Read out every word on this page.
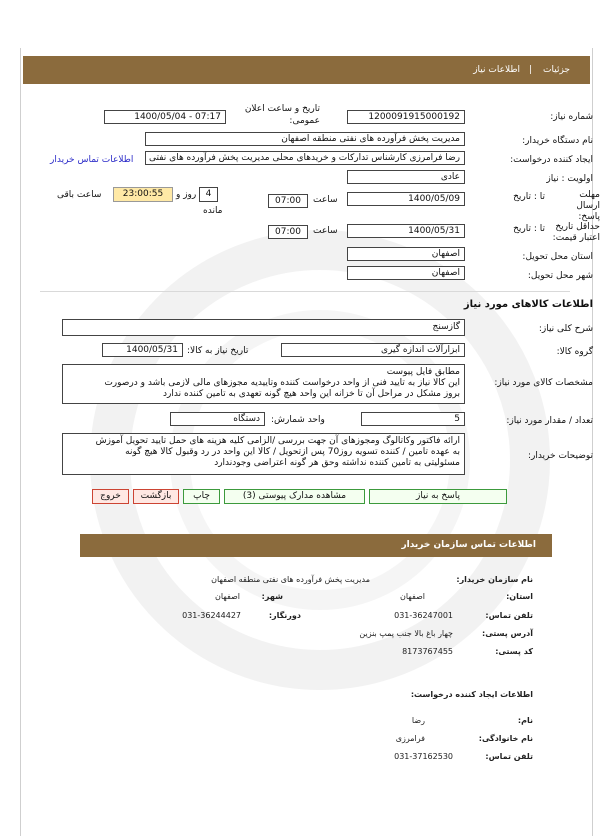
جزئیات
|
اطلاعات نیاز
شماره نیاز:
1200091915000192
تاریخ و ساعت اعلان عمومی:
1400/05/04 - 07:17
نام دستگاه خریدار:
مدیریت پخش فرآورده های نفتی منطقه اصفهان
ایجاد کننده درخواست:
رضا فرامرزی کارشناس تدارکات و خریدهای محلی مدیریت پخش فرآورده های نفتی
اطلاعات تماس خریدار
اولویت : نیاز
عادی
مهلت ارسال پاسخ:
تا : تاریخ
1400/05/09
ساعت
07:00
4
روز و
23:00:55
ساعت باقی
مانده
حداقل تاریخ اعتبار قیمت:
تا : تاریخ
1400/05/31
ساعت
07:00
استان محل تحویل:
اصفهان
شهر محل تحویل:
اصفهان
اطلاعات کالاهای مورد نیاز
شرح کلی نیاز:
گازسنج
گروه کالا:
ابزارآلات اندازه گیری
تاریخ نیاز به کالا:
1400/05/31
مشخصات کالای مورد نیاز:
مطابق فایل پیوست
این کالا نیاز به تایید فنی از واحد درخواست کننده وتاییدیه مجوزهای مالی لازمی باشد و درصورت
بروز مشکل در مراحل آن تا خزانه این واحد هیچ گونه تعهدی به تامین کننده ندارد
تعداد / مقدار مورد نیاز:
5
واحد شمارش:
دستگاه
توضیحات خریدار:
ارائه فاکتور وکاتالوگ ومجوزهای آن جهت بررسی /الزامی کلیه هزینه های حمل تایید تحویل آموزش
به عهده تامین / کننده تسویه روز70 پس ازتحویل / کالا این واحد در رد وقبول کالا هیچ گونه
مسئولیتی به تامین کننده نداشته وحق هر گونه اعتراضی وجودندارد
پاسخ به نیاز
مشاهده مدارک پیوستی (3)
چاپ
بازگشت
خروج
اطلاعات تماس سازمان خریدار
نام سازمان خریدار:
مدیریت پخش فرآورده های نفتی منطقه اصفهان
استان:
اصفهان
شهر:
اصفهان
تلفن تماس:
031-36247001
دورنگار:
031-36244427
آدرس پستی:
چهار باغ بالا جنب پمپ بنزین
کد پستی:
8173767455
اطلاعات ایجاد کننده درخواست:
نام:
رضا
نام خانوادگی:
فرامرزی
تلفن تماس:
031-37162530
